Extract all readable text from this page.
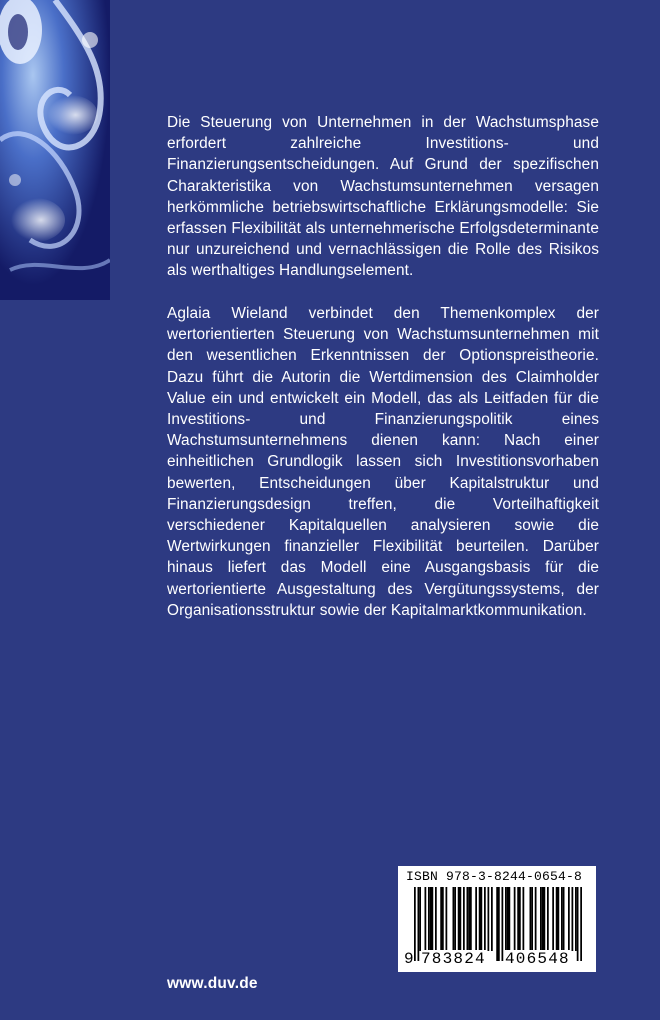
Die Steuerung von Unternehmen in der Wachstumsphase erfordert zahlreiche Investitions- und Finanzierungsentscheidungen. Auf Grund der spezifischen Charakteristika von Wachstumsunternehmen versagen herkömmliche betriebswirtschaftliche Erklärungsmodelle: Sie erfassen Flexibilität als unternehmerische Erfolgsdeterminante nur unzureichend und vernachlässigen die Rolle des Risikos als werthaltiges Handlungselement.

Aglaia Wieland verbindet den Themenkomplex der wertorientierten Steuerung von Wachstumsunternehmen mit den wesentlichen Erkenntnissen der Optionspreistheorie. Dazu führt die Autorin die Wertdimension des Claimholder Value ein und entwickelt ein Modell, das als Leitfaden für die Investitions- und Finanzierungspolitik eines Wachstumsunternehmens dienen kann: Nach einer einheitlichen Grundlogik lassen sich Investitionsvorhaben bewerten, Entscheidungen über Kapitalstruktur und Finanzierungsdesign treffen, die Vorteilhaftigkeit verschiedener Kapitalquellen analysieren sowie die Wertwirkungen finanzieller Flexibilität beurteilen. Darüber hinaus liefert das Modell eine Ausgangsbasis für die wertorientierte Ausgestaltung des Vergütungssystems, der Organisationsstruktur sowie der Kapitalmarktkommunikation.

ISBN 978-3-8244-0654-8
9 783824 406548
www.duv.de
